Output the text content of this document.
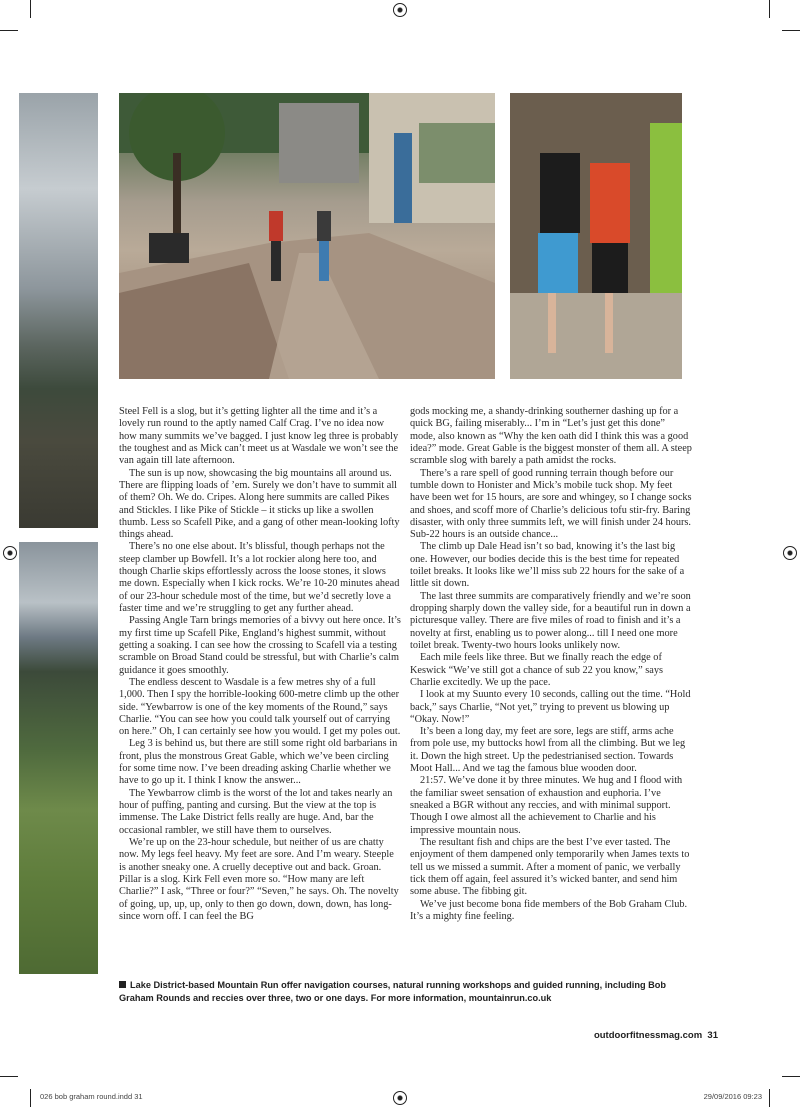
Steel Fell is a slog, but it’s getting lighter all the time and it’s a lovely run round to the aptly named Calf Crag. I’ve no idea now how many summits we’ve bagged. I just know leg three is probably the toughest and as Mick can’t meet us at Wasdale we won’t see the van again till late afternoon.

The sun is up now, showcasing the big mountains all around us. There are flipping loads of ’em. Surely we don’t have to summit all of them? Oh. We do. Cripes. Along here summits are called Pikes and Stickles. I like Pike of Stickle – it sticks up like a swollen thumb. Less so Scafell Pike, and a gang of other mean-looking lofty things ahead.

There’s no one else about. It’s blissful, though perhaps not the steep clamber up Bowfell. It’s a lot rockier along here too, and though Charlie skips effortlessly across the loose stones, it slows me down. Especially when I kick rocks. We’re 10-20 minutes ahead of our 23-hour schedule most of the time, but we’d secretly love a faster time and we’re struggling to get any further ahead.

Passing Angle Tarn brings memories of a bivvy out here once. It’s my first time up Scafell Pike, England’s highest summit, without getting a soaking. I can see how the crossing to Scafell via a testing scramble on Broad Stand could be stressful, but with Charlie’s calm guidance it goes smoothly.

The endless descent to Wasdale is a few metres shy of a full 1,000. Then I spy the horrible-looking 600-metre climb up the other side. “Yewbarrow is one of the key moments of the Round,” says Charlie. “You can see how you could talk yourself out of carrying on here.” Oh, I can certainly see how you would. I get my poles out.

Leg 3 is behind us, but there are still some right old barbarians in front, plus the monstrous Great Gable, which we’ve been circling for some time now. I’ve been dreading asking Charlie whether we have to go up it. I think I know the answer...

The Yewbarrow climb is the worst of the lot and takes nearly an hour of puffing, panting and cursing. But the view at the top is immense. The Lake District fells really are huge. And, bar the occasional rambler, we still have them to ourselves.

We’re up on the 23-hour schedule, but neither of us are chatty now. My legs feel heavy. My feet are sore. And I’m weary. Steeple is another sneaky one. A cruelly deceptive out and back. Groan. Pillar is a slog. Kirk Fell even more so. “How many are left Charlie?” I ask, “Three or four?” “Seven,” he says. Oh. The novelty of going, up, up, up, only to then go down, down, down, has long-since worn off. I can feel the BG

gods mocking me, a shandy-drinking southerner dashing up for a quick BG, failing miserably... I’m in “Let’s just get this done” mode, also known as “Why the ken oath did I think this was a good idea?” mode. Great Gable is the biggest monster of them all. A steep scramble slog with barely a path amidst the rocks.

There’s a rare spell of good running terrain though before our tumble down to Honister and Mick’s mobile tuck shop. My feet have been wet for 15 hours, are sore and whingey, so I change socks and shoes, and scoff more of Charlie’s delicious tofu stir-fry. Baring disaster, with only three summits left, we will finish under 24 hours. Sub-22 hours is an outside chance...

The climb up Dale Head isn’t so bad, knowing it’s the last big one. However, our bodies decide this is the best time for repeated toilet breaks. It looks like we’ll miss sub 22 hours for the sake of a little sit down.

The last three summits are comparatively friendly and we’re soon dropping sharply down the valley side, for a beautiful run in down a picturesque valley. There are five miles of road to finish and it’s a novelty at first, enabling us to power along... till I need one more toilet break. Twenty-two hours looks unlikely now.

Each mile feels like three. But we finally reach the edge of Keswick “We’ve still got a chance of sub 22 you know,” says Charlie excitedly. We up the pace.

I look at my Suunto every 10 seconds, calling out the time. “Hold back,” says Charlie, “Not yet,” trying to prevent us blowing up “Okay. Now!”

It’s been a long day, my feet are sore, legs are stiff, arms ache from pole use, my buttocks howl from all the climbing. But we leg it. Down the high street. Up the pedestrianised section. Towards Moot Hall... And we tag the famous blue wooden door.

21:57. We’ve done it by three minutes. We hug and I flood with the familiar sweet sensation of exhaustion and euphoria. I’ve sneaked a BGR without any reccies, and with minimal support. Though I owe almost all the achievement to Charlie and his impressive mountain nous.

The resultant fish and chips are the best I’ve ever tasted. The enjoyment of them dampened only temporarily when James texts to tell us we missed a summit. After a moment of panic, we verbally tick them off again, feel assured it’s wicked banter, and send him some abuse. The fibbing git.

We’ve just become bona fide members of the Bob Graham Club. It’s a mighty fine feeling.

Lake District-based Mountain Run offer navigation courses, natural running workshops and guided running, including Bob Graham Rounds and reccies over three, two or one days. For more information, mountainrun.co.uk
outdoorfitnessmag.com 31
026 bob graham round.indd 31	29/09/2016 09:23
